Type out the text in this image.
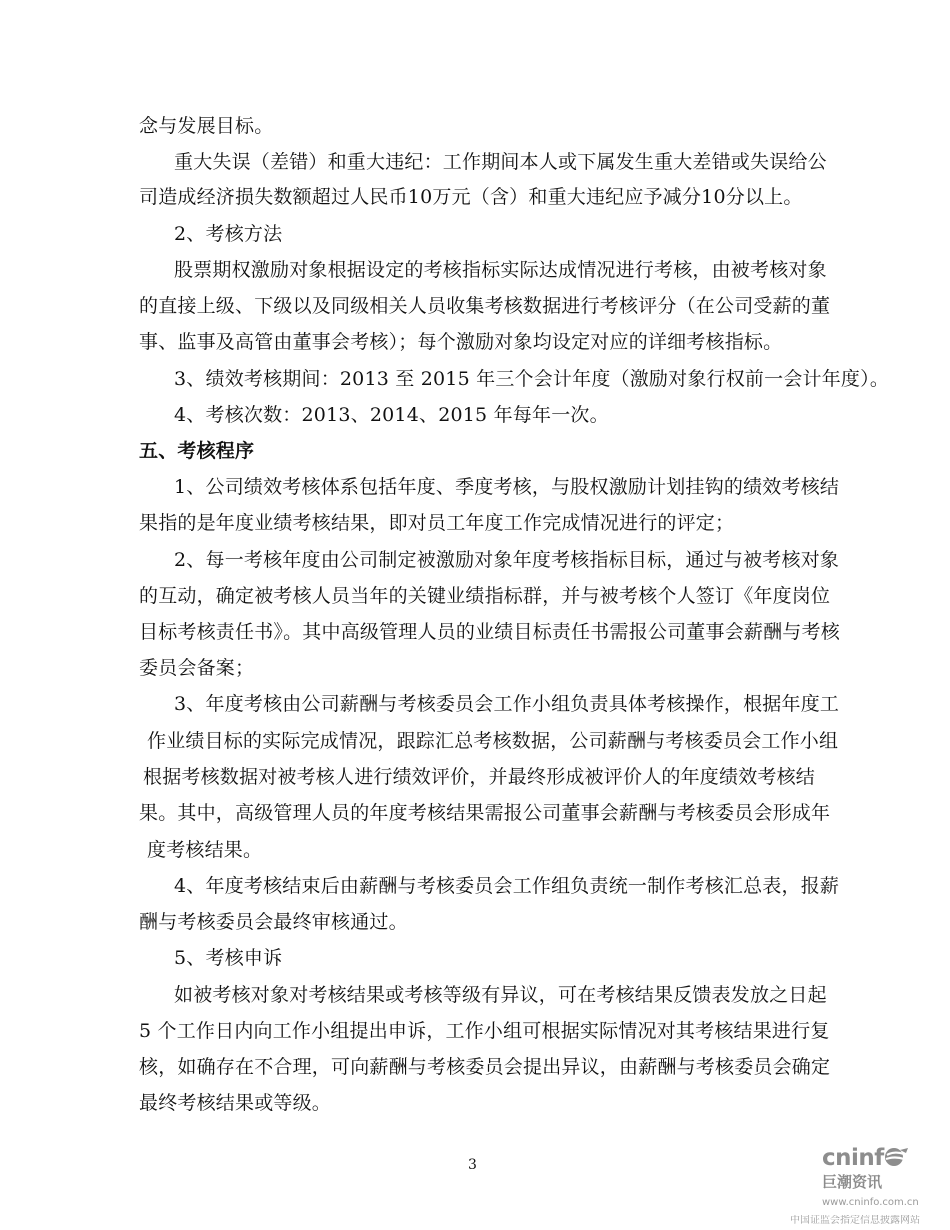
念与发展目标。
重大失误（差错）和重大违纪：工作期间本人或下属发生重大差错或失误给公
司造成经济损失数额超过人民币10万元（含）和重大违纪应予减分10分以上。
2、考核方法
股票期权激励对象根据设定的考核指标实际达成情况进行考核，由被考核对象
的直接上级、下级以及同级相关人员收集考核数据进行考核评分（在公司受薪的董
事、监事及高管由董事会考核）；每个激励对象均设定对应的详细考核指标。
3、绩效考核期间：2013 至 2015 年三个会计年度（激励对象行权前一会计年度）。
4、考核次数：2013、2014、2015 年每年一次。
五、考核程序
1、公司绩效考核体系包括年度、季度考核，与股权激励计划挂钩的绩效考核结
果指的是年度业绩考核结果，即对员工年度工作完成情况进行的评定；
2、每一考核年度由公司制定被激励对象年度考核指标目标，通过与被考核对象
的互动，确定被考核人员当年的关键业绩指标群，并与被考核个人签订《年度岗位
目标考核责任书》。其中高级管理人员的业绩目标责任书需报公司董事会薪酬与考核
委员会备案；
3、年度考核由公司薪酬与考核委员会工作小组负责具体考核操作，根据年度工
作业绩目标的实际完成情况，跟踪汇总考核数据，公司薪酬与考核委员会工作小组
根据考核数据对被考核人进行绩效评价，并最终形成被评价人的年度绩效考核结
果。其中，高级管理人员的年度考核结果需报公司董事会薪酬与考核委员会形成年
度考核结果。
4、年度考核结束后由薪酬与考核委员会工作组负责统一制作考核汇总表，报薪
酬与考核委员会最终审核通过。
5、考核申诉
如被考核对象对考核结果或考核等级有异议，可在考核结果反馈表发放之日起
5 个工作日内向工作小组提出申诉，工作小组可根据实际情况对其考核结果进行复
核，如确存在不合理，可向薪酬与考核委员会提出异议，由薪酬与考核委员会确定
最终考核结果或等级。
3	cninf
巨潮资讯
www.cninfo.com.cn
中国证监会指定信息披露网站
